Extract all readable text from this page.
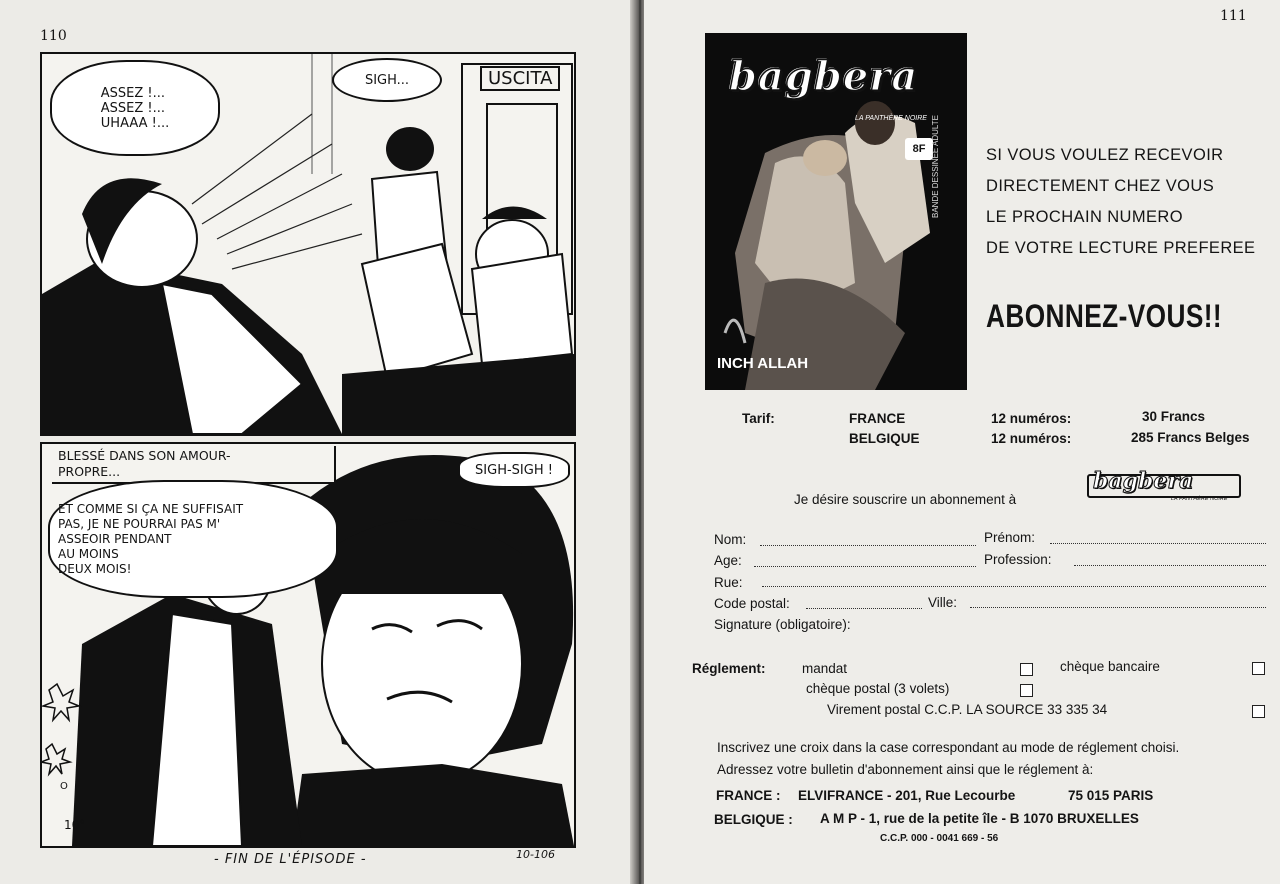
110
ASSEZ !...
ASSEZ !...
UHAAA !...
SIGH...	USCITA
O
10°
BLESSÉ DANS SON AMOUR-
PROPRE...
ET COMME SI ÇA NE SUFFISAIT
PAS, JE NE POURRAI PAS M'
ASSEOIR PENDANT
AU MOINS
DEUX MOIS!
SIGH-SIGH !
- FIN DE L'ÉPISODE -	10-106
111
bagbera
LA PANTHÈRE NOIRE
8F BANDE DESSINÉE ADULTE
INCH ALLAH
SI VOUS VOULEZ RECEVOIR
DIRECTEMENT CHEZ VOUS
LE PROCHAIN NUMERO
DE VOTRE LECTURE PREFEREE
ABONNEZ-VOUS!!
Tarif:	FRANCE	12 numéros:	30 Francs
BELGIQUE	12 numéros:	285 Francs Belges
Je désire souscrire un abonnement à
bagbera
LA PANTHÈRE NOIRE
Nom:	Prénom:
Age:	Profession:
Rue:
Code postal:	Ville:
Signature (obligatoire):
Réglement:	mandat	chèque bancaire
chèque postal (3 volets)
Virement postal C.C.P. LA SOURCE 33 335 34
Inscrivez une croix dans la case correspondant au mode de réglement choisi.
Adressez votre bulletin d'abonnement ainsi que le réglement à:
FRANCE : ELVIFRANCE - 201, Rue Lecourbe	75 015 PARIS
BELGIQUE : A M P - 1, rue de la petite île - B 1070 BRUXELLES
C.C.P. 000 - 0041 669 - 56
